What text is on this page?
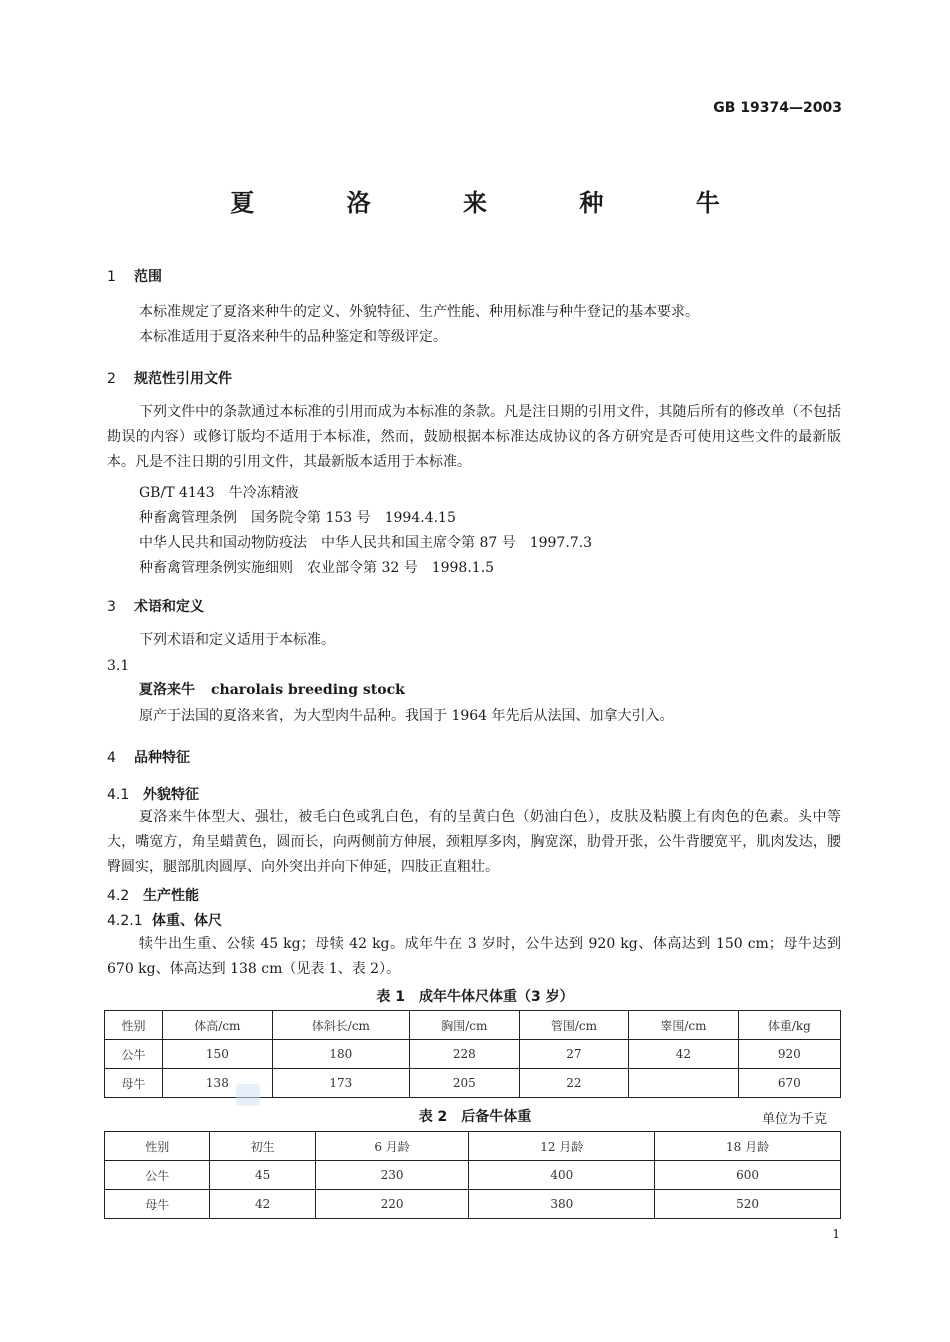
GB 19374—2003
夏 洛 来 种 牛
1 范围
本标准规定了夏洛来种牛的定义、外貌特征、生产性能、种用标准与种牛登记的基本要求。
本标准适用于夏洛来种牛的品种鉴定和等级评定。
2 规范性引用文件
下列文件中的条款通过本标准的引用而成为本标准的条款。凡是注日期的引用文件，其随后所有的修改单（不包括勘误的内容）或修订版均不适用于本标准，然而，鼓励根据本标准达成协议的各方研究是否可使用这些文件的最新版本。凡是不注日期的引用文件，其最新版本适用于本标准。
GB/T 4143　牛冷冻精液
种畜禽管理条例　国务院令第 153 号　1994.4.15
中华人民共和国动物防疫法　中华人民共和国主席令第 87 号　1997.7.3
种畜禽管理条例实施细则　农业部令第 32 号　1998.1.5
3 术语和定义
下列术语和定义适用于本标准。
3.1
夏洛来牛 charolais breeding stock
原产于法国的夏洛来省，为大型肉牛品种。我国于 1964 年先后从法国、加拿大引入。
4 品种特征
4.1 外貌特征
夏洛来牛体型大、强壮，被毛白色或乳白色，有的呈黄白色（奶油白色），皮肤及粘膜上有肉色的色素。头中等大，嘴宽方，角呈蜡黄色，圆而长，向两侧前方伸展，颈粗厚多肉，胸宽深，肋骨开张，公牛背腰宽平，肌肉发达，腰臀圆实，腿部肌肉圆厚、向外突出并向下伸延，四肢正直粗壮。
4.2 生产性能
4.2.1 体重、体尺
犊牛出生重、公犊 45 kg；母犊 42 kg。成年牛在 3 岁时，公牛达到 920 kg、体高达到 150 cm；母牛达到 670 kg、体高达到 138 cm（见表 1、表 2）。
表 1　成年牛体尺体重（3 岁）
性别	体高/cm	体斜长/cm	胸围/cm	管围/cm	睾围/cm	体重/kg
公牛	150	180	228	27	42	920
母牛	138	173	205	22		670
表 2　后备牛体重	单位为千克
性别	初生	6 月龄	12 月龄	18 月龄
公牛	45	230	400	600
母牛	42	220	380	520
1
